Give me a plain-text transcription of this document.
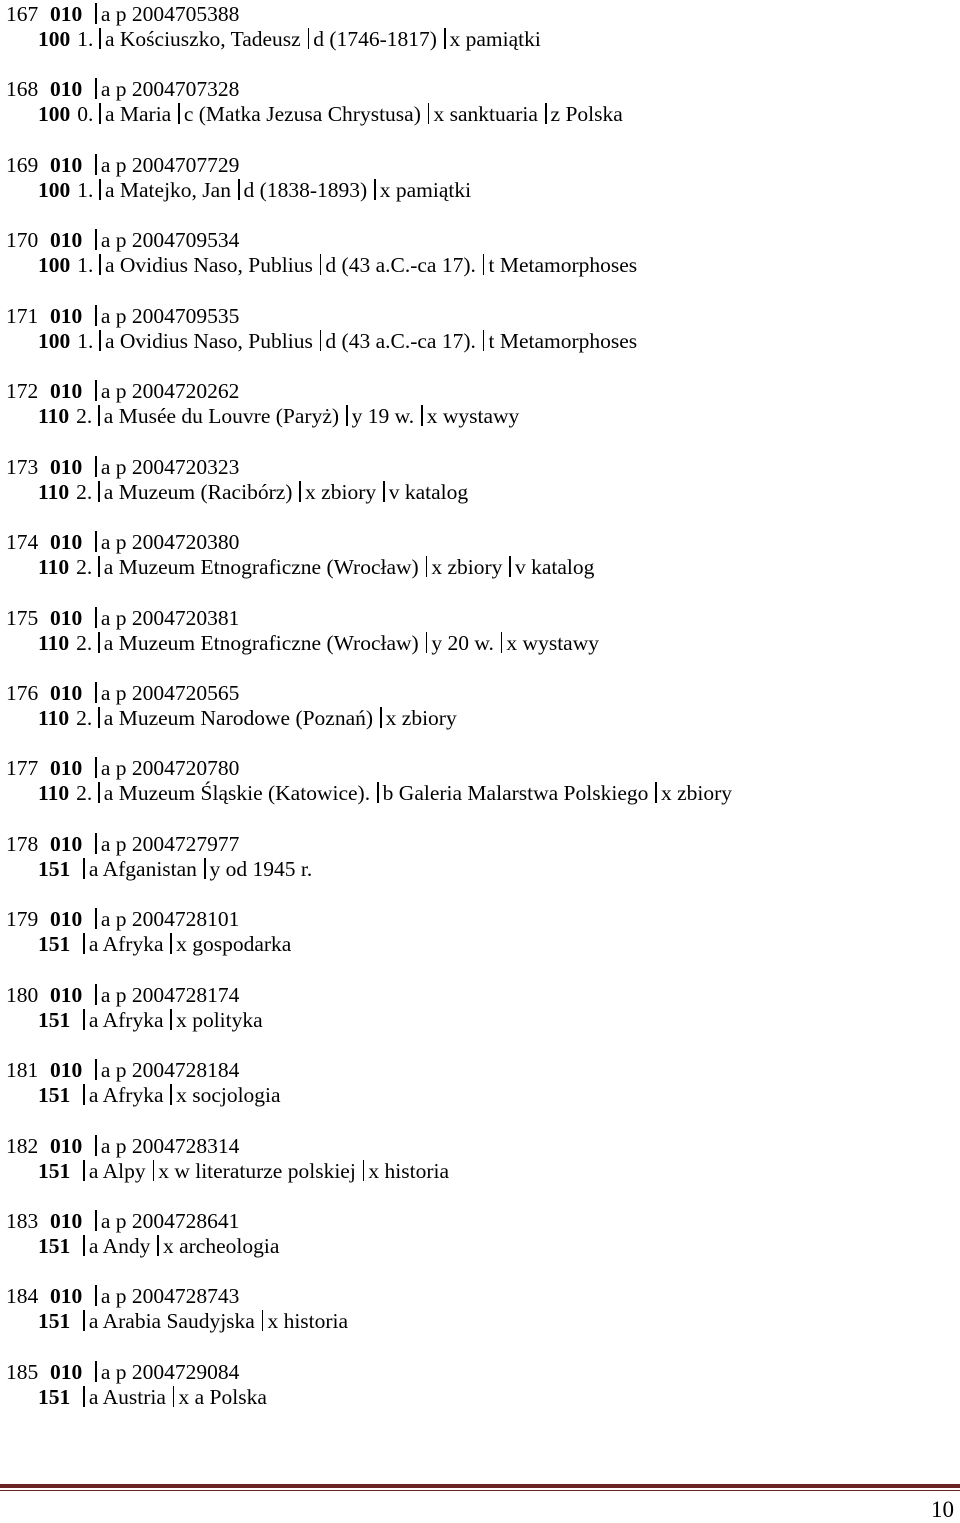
167 010 a p 2004705388
100 1. a Kościuszko, Tadeusz d (1746-1817) x pamiątki
168 010 a p 2004707328
100 0. a Maria c (Matka Jezusa Chrystusa) x sanktuaria z Polska
169 010 a p 2004707729
100 1. a Matejko, Jan d (1838-1893) x pamiątki
170 010 a p 2004709534
100 1. a Ovidius Naso, Publius d (43 a.C.-ca 17). t Metamorphoses
171 010 a p 2004709535
100 1. a Ovidius Naso, Publius d (43 a.C.-ca 17). t Metamorphoses
172 010 a p 2004720262
110 2. a Musée du Louvre (Paryż) y 19 w. x wystawy
173 010 a p 2004720323
110 2. a Muzeum (Racibórz) x zbiory v katalog
174 010 a p 2004720380
110 2. a Muzeum Etnograficzne (Wrocław) x zbiory v katalog
175 010 a p 2004720381
110 2. a Muzeum Etnograficzne (Wrocław) y 20 w. x wystawy
176 010 a p 2004720565
110 2. a Muzeum Narodowe (Poznań) x zbiory
177 010 a p 2004720780
110 2. a Muzeum Śląskie (Katowice). b Galeria Malarstwa Polskiego x zbiory
178 010 a p 2004727977
151 a Afganistan y od 1945 r.
179 010 a p 2004728101
151 a Afryka x gospodarka
180 010 a p 2004728174
151 a Afryka x polityka
181 010 a p 2004728184
151 a Afryka x socjologia
182 010 a p 2004728314
151 a Alpy x w literaturze polskiej x historia
183 010 a p 2004728641
151 a Andy x archeologia
184 010 a p 2004728743
151 a Arabia Saudyjska x historia
185 010 a p 2004729084
151 a Austria x a Polska
10
